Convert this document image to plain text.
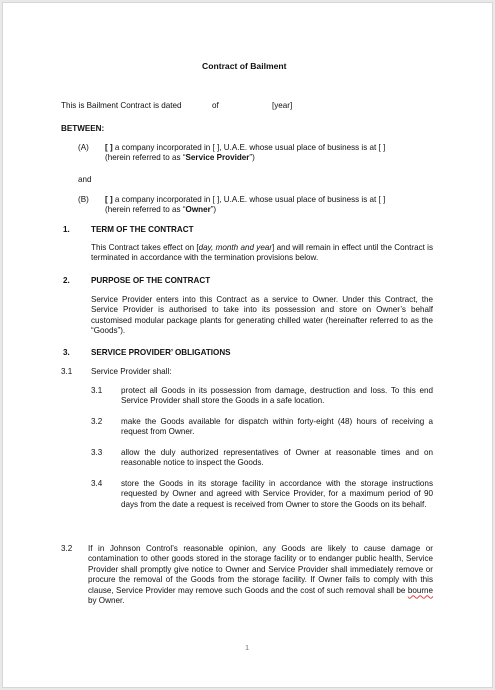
Contract of Bailment
This is Bailment Contract is dated	of	[year]
BETWEEN:
(A) [ ] a company incorporated in [ ], U.A.E. whose usual place of business is at [ ]
(herein referred to as “Service Provider”)
and
(B) [ ] a company incorporated in [ ], U.A.E. whose usual place of business is at [ ]
(herein referred to as “Owner”)
1.	TERM OF THE CONTRACT
This Contract takes effect on [day, month and year] and will remain in effect until the Contract is terminated in accordance with the termination provisions below.
2.	PURPOSE OF THE CONTRACT
Service Provider enters into this Contract as a service to Owner. Under this Contract, the Service Provider is authorised to take into its possession and store on Owner’s behalf customised modular package plants for generating chilled water (hereinafter referred to as the “Goods”).
3.	SERVICE PROVIDER’ OBLIGATIONS
3.1 Service Provider shall:
3.1 protect all Goods in its possession from damage, destruction and loss. To this end Service Provider shall store the Goods in a safe location.
3.2 make the Goods available for dispatch within forty-eight (48) hours of receiving a request from Owner.
3.3 allow the duly authorized representatives of Owner at reasonable times and on reasonable notice to inspect the Goods.
3.4 store the Goods in its storage facility in accordance with the storage instructions requested by Owner and agreed with Service Provider, for a maximum period of 90 days from the date a request is received from Owner to store the Goods on its behalf.
3.2 If in Johnson Control’s reasonable opinion, any Goods are likely to cause damage or contamination to other goods stored in the storage facility or to endanger public health, Service Provider shall promptly give notice to Owner and Service Provider shall immediately remove or procure the removal of the Goods from the storage facility. If Owner fails to comply with this clause, Service Provider may remove such Goods and the cost of such removal shall be bourne by Owner.
1
